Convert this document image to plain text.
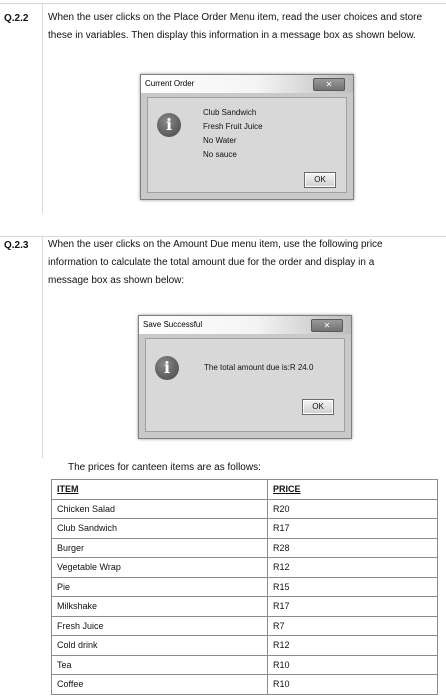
Q.2.2 When the user clicks on the Place Order Menu item, read the user choices and store
these in variables. Then display this information in a message box as shown below.
Current Order	✕
i
Club Sandwich
Fresh Fruit Juice
No Water
No sauce
OK
Q.2.3 When the user clicks on the Amount Due menu item, use the following price
information to calculate the total amount due for the order and display in a
message box as shown below:
Save Successful	✕
i	The total amount due is:R 24.0
OK
The prices for canteen items are as follows:
ITEM	PRICE
Chicken Salad	R20
Club Sandwich	R17
Burger	R28
Vegetable Wrap	R12
Pie	R15
Milkshake	R17
Fresh Juice	R7
Cold drink	R12
Tea	R10
Coffee	R10
